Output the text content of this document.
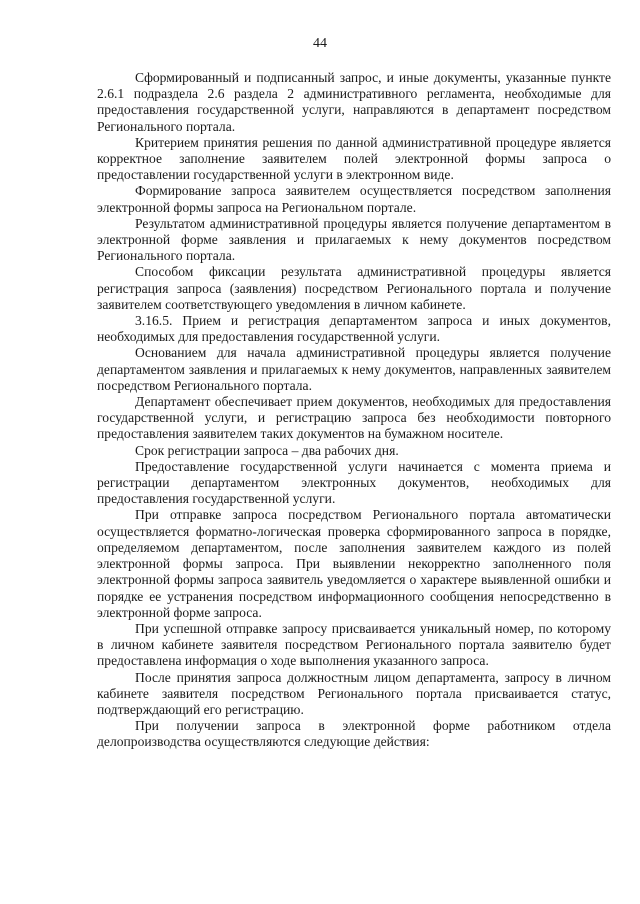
44

Сформированный и подписанный запрос, и иные документы, указанные пункте 2.6.1 подраздела 2.6 раздела 2 административного регламента, необходимые для предоставления государственной услуги, направляются в департамент посредством Регионального портала.

Критерием принятия решения по данной административной процедуре является корректное заполнение заявителем полей электронной формы запроса о предоставлении государственной услуги в электронном виде.

Формирование запроса заявителем осуществляется посредством заполнения электронной формы запроса на Региональном портале.

Результатом административной процедуры является получение департаментом в электронной форме заявления и прилагаемых к нему документов посредством Регионального портала.

Способом фиксации результата административной процедуры является регистрация запроса (заявления) посредством Регионального портала и получение заявителем соответствующего уведомления в личном кабинете.

3.16.5. Прием и регистрация департаментом запроса и иных документов, необходимых для предоставления государственной услуги.

Основанием для начала административной процедуры является получение департаментом заявления и прилагаемых к нему документов, направленных заявителем посредством Регионального портала.

Департамент обеспечивает прием документов, необходимых для предоставления государственной услуги, и регистрацию запроса без необходимости повторного предоставления заявителем таких документов на бумажном носителе.

Срок регистрации запроса – два рабочих дня.

Предоставление государственной услуги начинается с момента приема и регистрации департаментом электронных документов, необходимых для предоставления государственной услуги.

При отправке запроса посредством Регионального портала автоматически осуществляется форматно-логическая проверка сформированного запроса в порядке, определяемом департаментом, после заполнения заявителем каждого из полей электронной формы запроса. При выявлении некорректно заполненного поля электронной формы запроса заявитель уведомляется о характере выявленной ошибки и порядке ее устранения посредством информационного сообщения непосредственно в электронной форме запроса.

При успешной отправке запросу присваивается уникальный номер, по которому в личном кабинете заявителя посредством Регионального портала заявителю будет предоставлена информация о ходе выполнения указанного запроса.

После принятия запроса должностным лицом департамента, запросу в личном кабинете заявителя посредством Регионального портала присваивается статус, подтверждающий его регистрацию.

При получении запроса в электронной форме работником отдела делопроизводства осуществляются следующие действия:
